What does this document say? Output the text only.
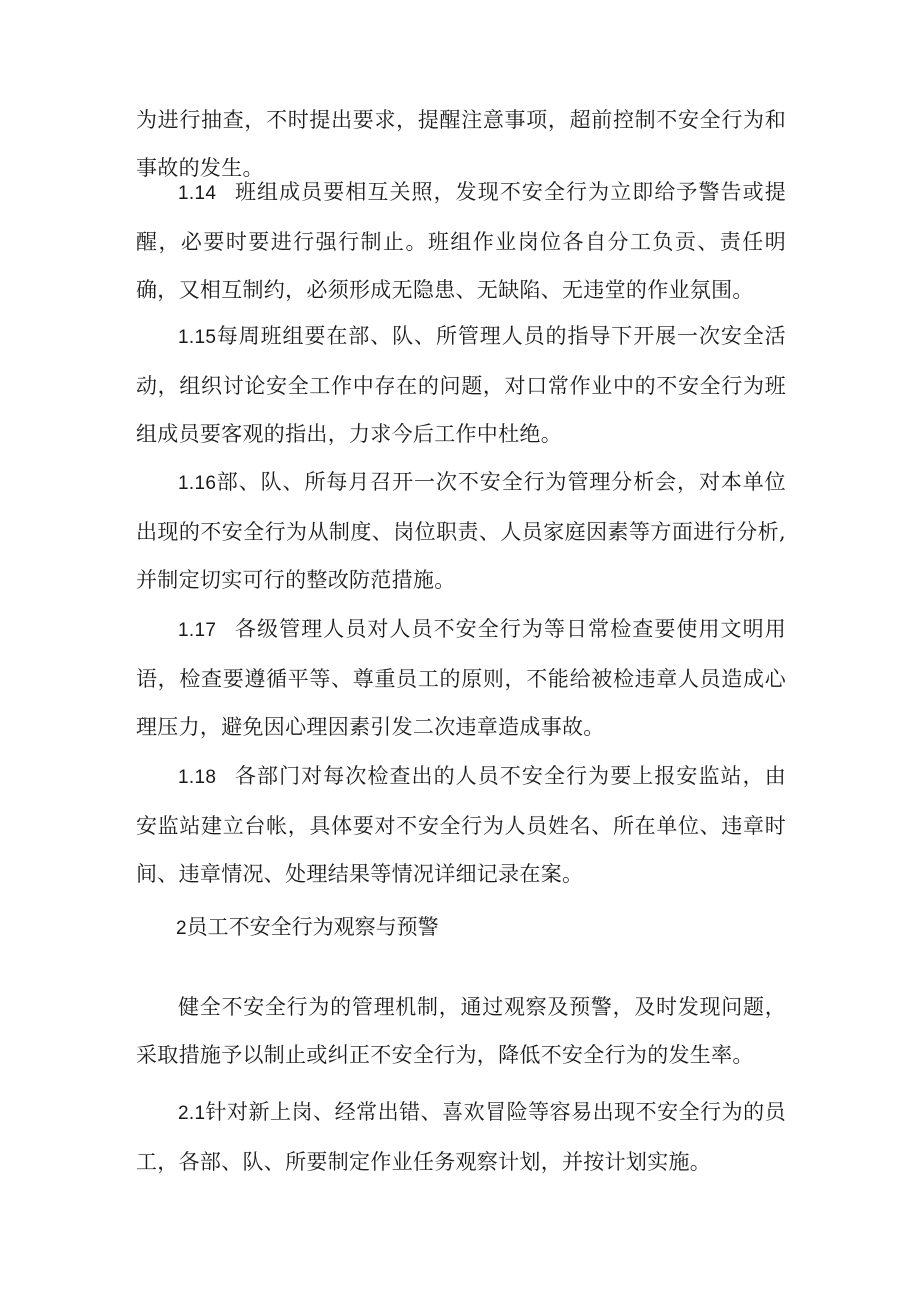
为进行抽查，不时提出要求，提醒注意事项，超前控制不安全行为和事故的发生。

1.14 班组成员要相互关照，发现不安全行为立即给予警告或提醒，必要时要进行强行制止。班组作业岗位各自分工负贡、责任明确，又相互制约，必须形成无隐患、无缺陷、无违堂的作业氛围。

1.15每周班组要在部、队、所管理人员的指导下开展一次安全活动，组织讨论安全工作中存在的问题，对口常作业中的不安全行为班组成员要客观的指出，力求今后工作中杜绝。

1.16部、队、所每月召开一次不安全行为管理分析会，对本单位出现的不安全行为从制度、岗位职责、人员家庭因素等方面进行分析,并制定切实可行的整改防范措施。

1.17 各级管理人员对人员不安全行为等日常检查要使用文明用语，检查要遵循平等、尊重员工的原则，不能给被检违章人员造成心理压力，避免因心理因素引发二次违章造成事故。

1.18 各部门对每次检查出的人员不安全行为要上报安监站，由安监站建立台帐，具体要对不安全行为人员姓名、所在单位、违章时间、违章情况、处理结果等情况详细记录在案。

2员工不安全行为观察与预警

健全不安全行为的管理机制，通过观察及预警，及时发现问题，采取措施予以制止或纠正不安全行为，降低不安全行为的发生率。

2.1针对新上岗、经常出错、喜欢冒险等容易出现不安全行为的员工，各部、队、所要制定作业任务观察计划，并按计划实施。
